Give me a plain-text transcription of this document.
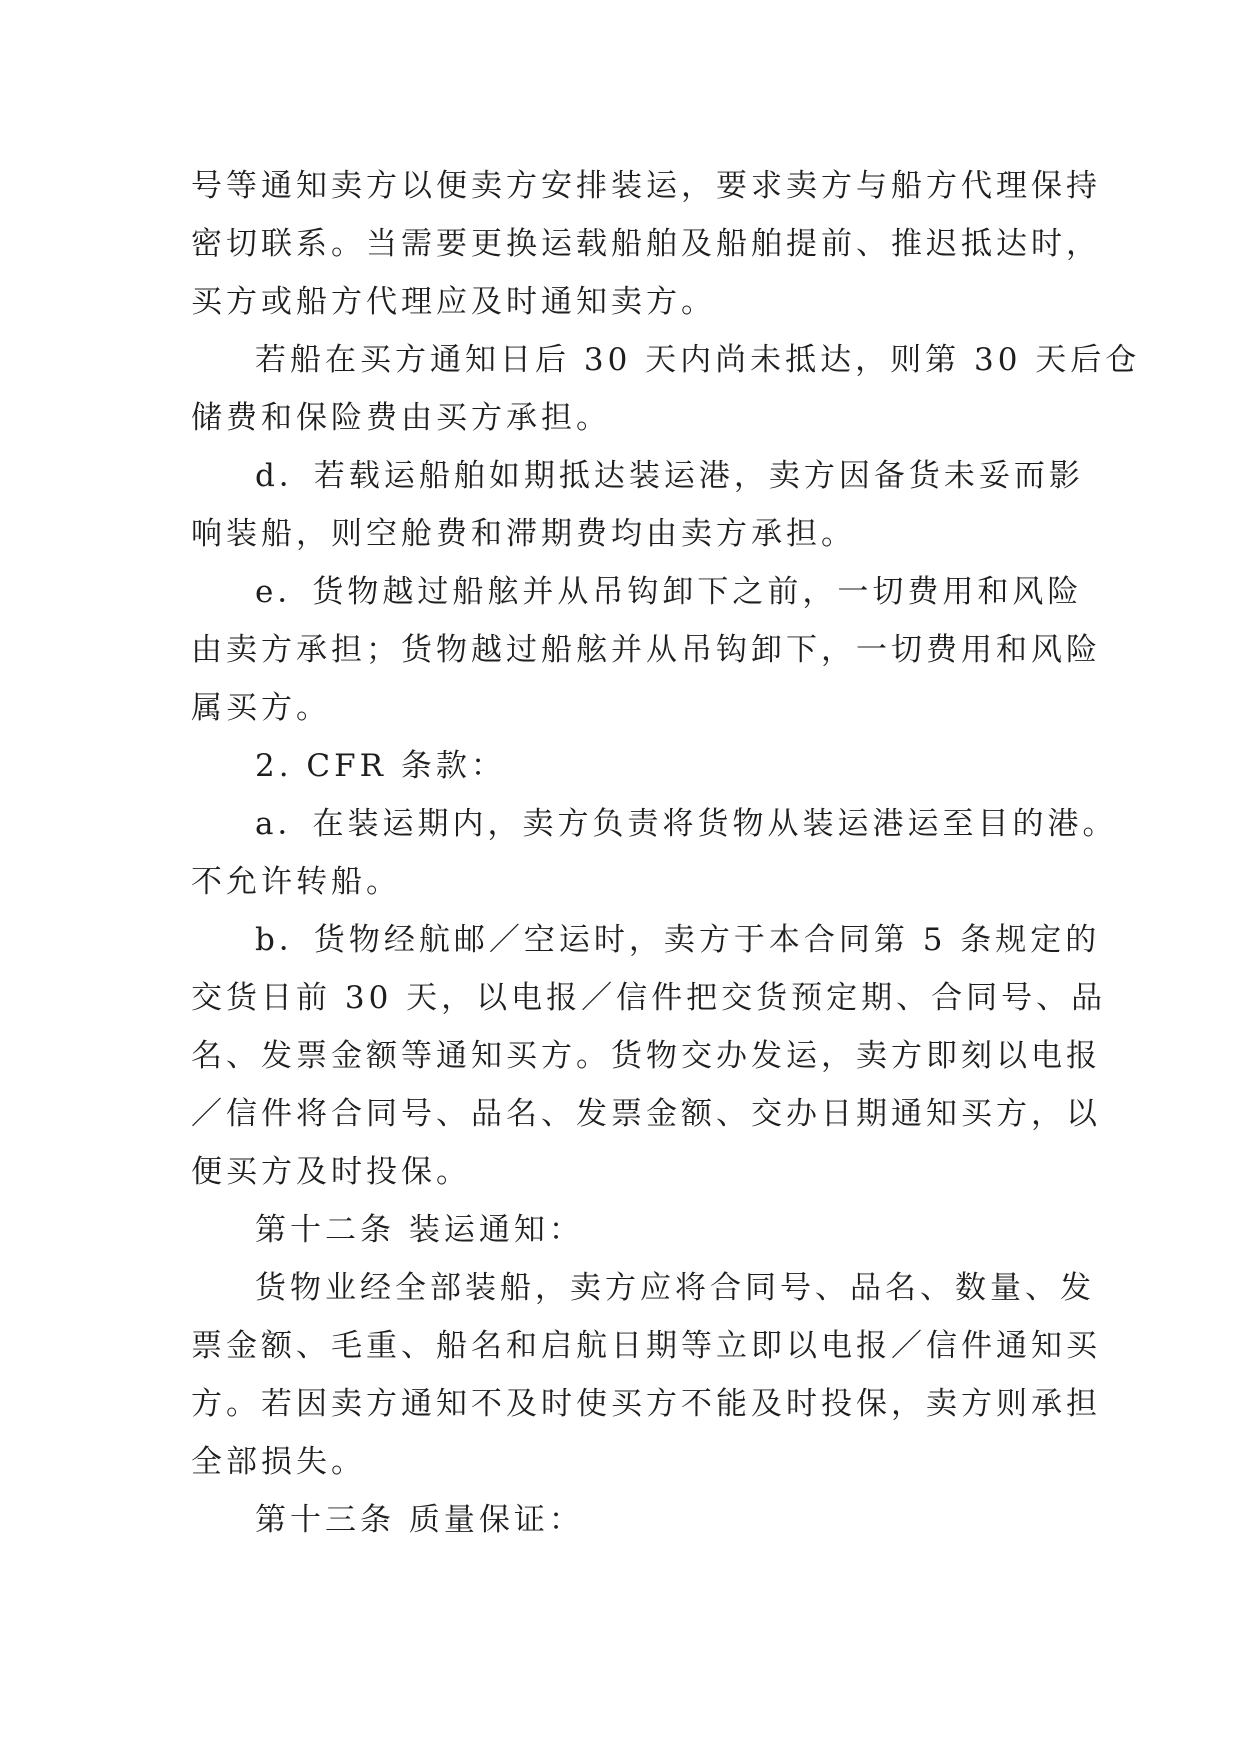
号等通知卖方以便卖方安排装运，要求卖方与船方代理保持
密切联系。当需要更换运载船舶及船舶提前、推迟抵达时，
买方或船方代理应及时通知卖方。
若船在买方通知日后 30 天内尚未抵达，则第 30 天后仓
储费和保险费由买方承担。
d．若载运船舶如期抵达装运港，卖方因备货未妥而影
响装船，则空舱费和滞期费均由卖方承担。
e．货物越过船舷并从吊钩卸下之前，一切费用和风险
由卖方承担；货物越过船舷并从吊钩卸下，一切费用和风险
属买方。
2. CFR 条款：
a．在装运期内，卖方负责将货物从装运港运至目的港。
不允许转船。
b．货物经航邮／空运时，卖方于本合同第 5 条规定的
交货日前 30 天，以电报／信件把交货预定期、合同号、品
名、发票金额等通知买方。货物交办发运，卖方即刻以电报
／信件将合同号、品名、发票金额、交办日期通知买方，以
便买方及时投保。
第十二条 装运通知：
货物业经全部装船，卖方应将合同号、品名、数量、发
票金额、毛重、船名和启航日期等立即以电报／信件通知买
方。若因卖方通知不及时使买方不能及时投保，卖方则承担
全部损失。
第十三条 质量保证：
